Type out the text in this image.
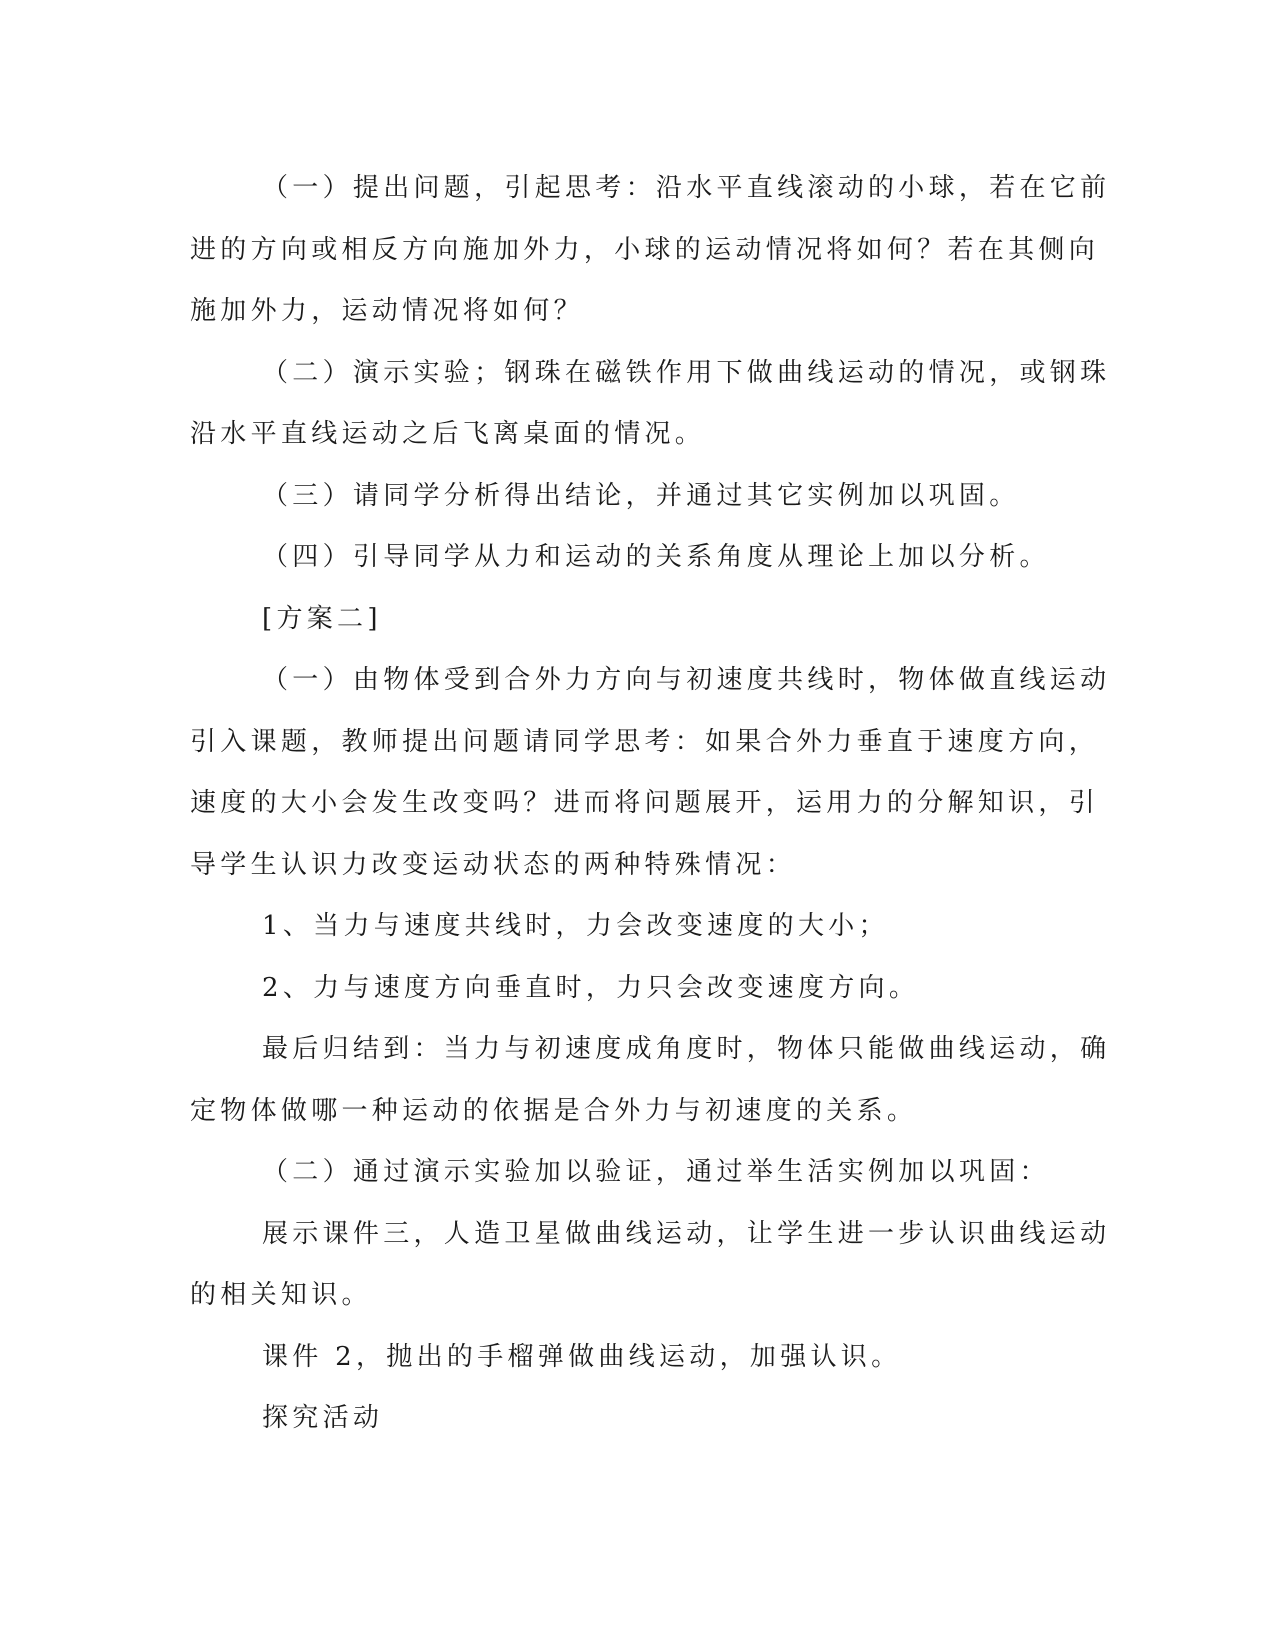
（一）提出问题，引起思考：沿水平直线滚动的小球，若在它前
进的方向或相反方向施加外力，小球的运动情况将如何？若在其侧向
施加外力，运动情况将如何？
（二）演示实验；钢珠在磁铁作用下做曲线运动的情况，或钢珠
沿水平直线运动之后飞离桌面的情况。
（三）请同学分析得出结论，并通过其它实例加以巩固。
（四）引导同学从力和运动的关系角度从理论上加以分析。
[方案二]
（一）由物体受到合外力方向与初速度共线时，物体做直线运动
引入课题，教师提出问题请同学思考：如果合外力垂直于速度方向，
速度的大小会发生改变吗？进而将问题展开，运用力的分解知识，引
导学生认识力改变运动状态的两种特殊情况：
1、当力与速度共线时，力会改变速度的大小；
2、力与速度方向垂直时，力只会改变速度方向。
最后归结到：当力与初速度成角度时，物体只能做曲线运动，确
定物体做哪一种运动的依据是合外力与初速度的关系。
（二）通过演示实验加以验证，通过举生活实例加以巩固：
展示课件三，人造卫星做曲线运动，让学生进一步认识曲线运动
的相关知识。
课件 2，抛出的手榴弹做曲线运动，加强认识。
探究活动
